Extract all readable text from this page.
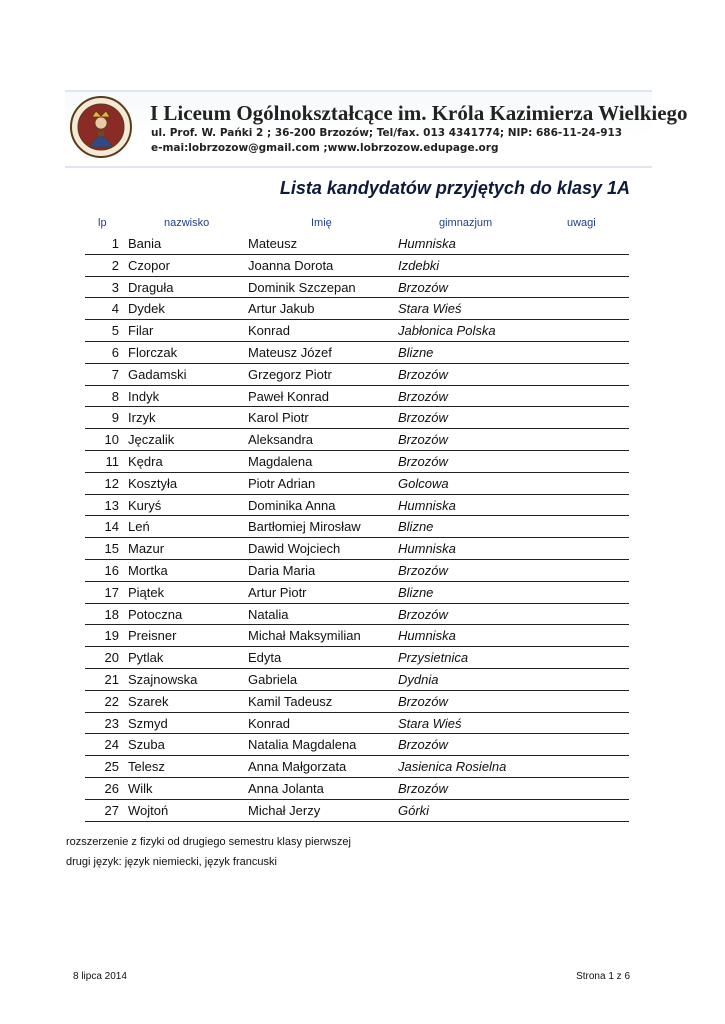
I Liceum Ogólnokształcące im. Króla Kazimierza Wielkiego
ul. Prof. W. Pańki 2 ; 36-200 Brzozów; Tel/fax. 013 4341774; NIP: 686-11-24-913
e-mai:lobrzozow@gmail.com ;www.lobrzozow.edupage.org
Lista kandydatów przyjętych do klasy 1A
lp	nazwisko	Imię	gimnazjum	uwagi
1 Bania	Mateusz	Humniska
2 Czopor	Joanna Dorota	Izdebki
3 Draguła	Dominik Szczepan	Brzozów
4 Dydek	Artur Jakub	Stara Wieś
5 Filar	Konrad	Jabłonica Polska
6 Florczak	Mateusz Józef	Blizne
7 Gadamski	Grzegorz Piotr	Brzozów
8 Indyk	Paweł Konrad	Brzozów
9 Irzyk	Karol Piotr	Brzozów
10 Jęczalik	Aleksandra	Brzozów
11 Kędra	Magdalena	Brzozów
12 Kosztyła	Piotr Adrian	Golcowa
13 Kuryś	Dominika Anna	Humniska
14 Leń	Bartłomiej Mirosław	Blizne
15 Mazur	Dawid Wojciech	Humniska
16 Mortka	Daria Maria	Brzozów
17 Piątek	Artur Piotr	Blizne
18 Potoczna	Natalia	Brzozów
19 Preisner	Michał Maksymilian	Humniska
20 Pytlak	Edyta	Przysietnica
21 Szajnowska	Gabriela	Dydnia
22 Szarek	Kamil Tadeusz	Brzozów
23 Szmyd	Konrad	Stara Wieś
24 Szuba	Natalia Magdalena	Brzozów
25 Telesz	Anna Małgorzata	Jasienica Rosielna
26 Wilk	Anna Jolanta	Brzozów
27 Wojtoń	Michał Jerzy	Górki
rozszerzenie z fizyki od drugiego semestru klasy pierwszej
drugi język: język niemiecki, język francuski
8 lipca 2014	Strona 1 z 6
